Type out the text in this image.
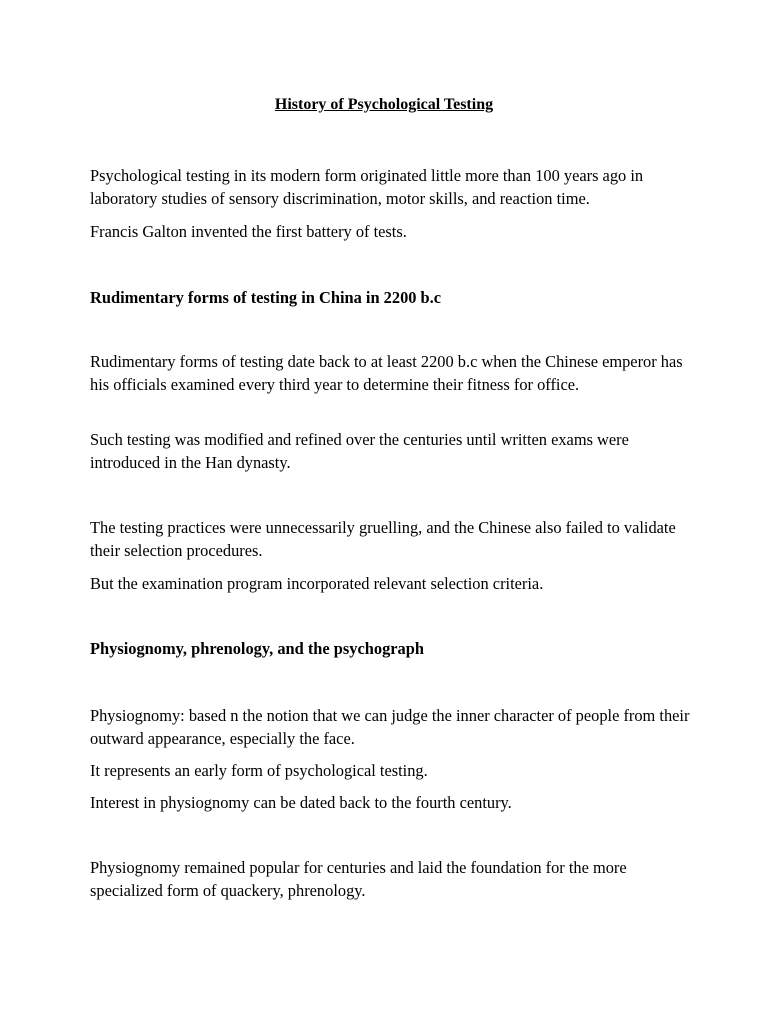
History of Psychological Testing

Psychological testing in its modern form originated little more than 100 years ago in laboratory studies of sensory discrimination, motor skills, and reaction time.

Francis Galton invented the first battery of tests.

Rudimentary forms of testing in China in 2200 b.c

Rudimentary forms of testing date back to at least 2200 b.c when the Chinese emperor has his officials examined every third year to determine their fitness for office.

Such testing was modified and refined over the centuries until written exams were introduced in the Han dynasty.

The testing practices were unnecessarily gruelling, and the Chinese also failed to validate their selection procedures.

But the examination program incorporated relevant selection criteria.

Physiognomy, phrenology, and the psychograph

Physiognomy: based n the notion that we can judge the inner character of people from their outward appearance, especially the face.

It represents an early form of psychological testing.

Interest in physiognomy can be dated back to the fourth century.

Physiognomy remained popular for centuries and laid the foundation for the more specialized form of quackery, phrenology.
